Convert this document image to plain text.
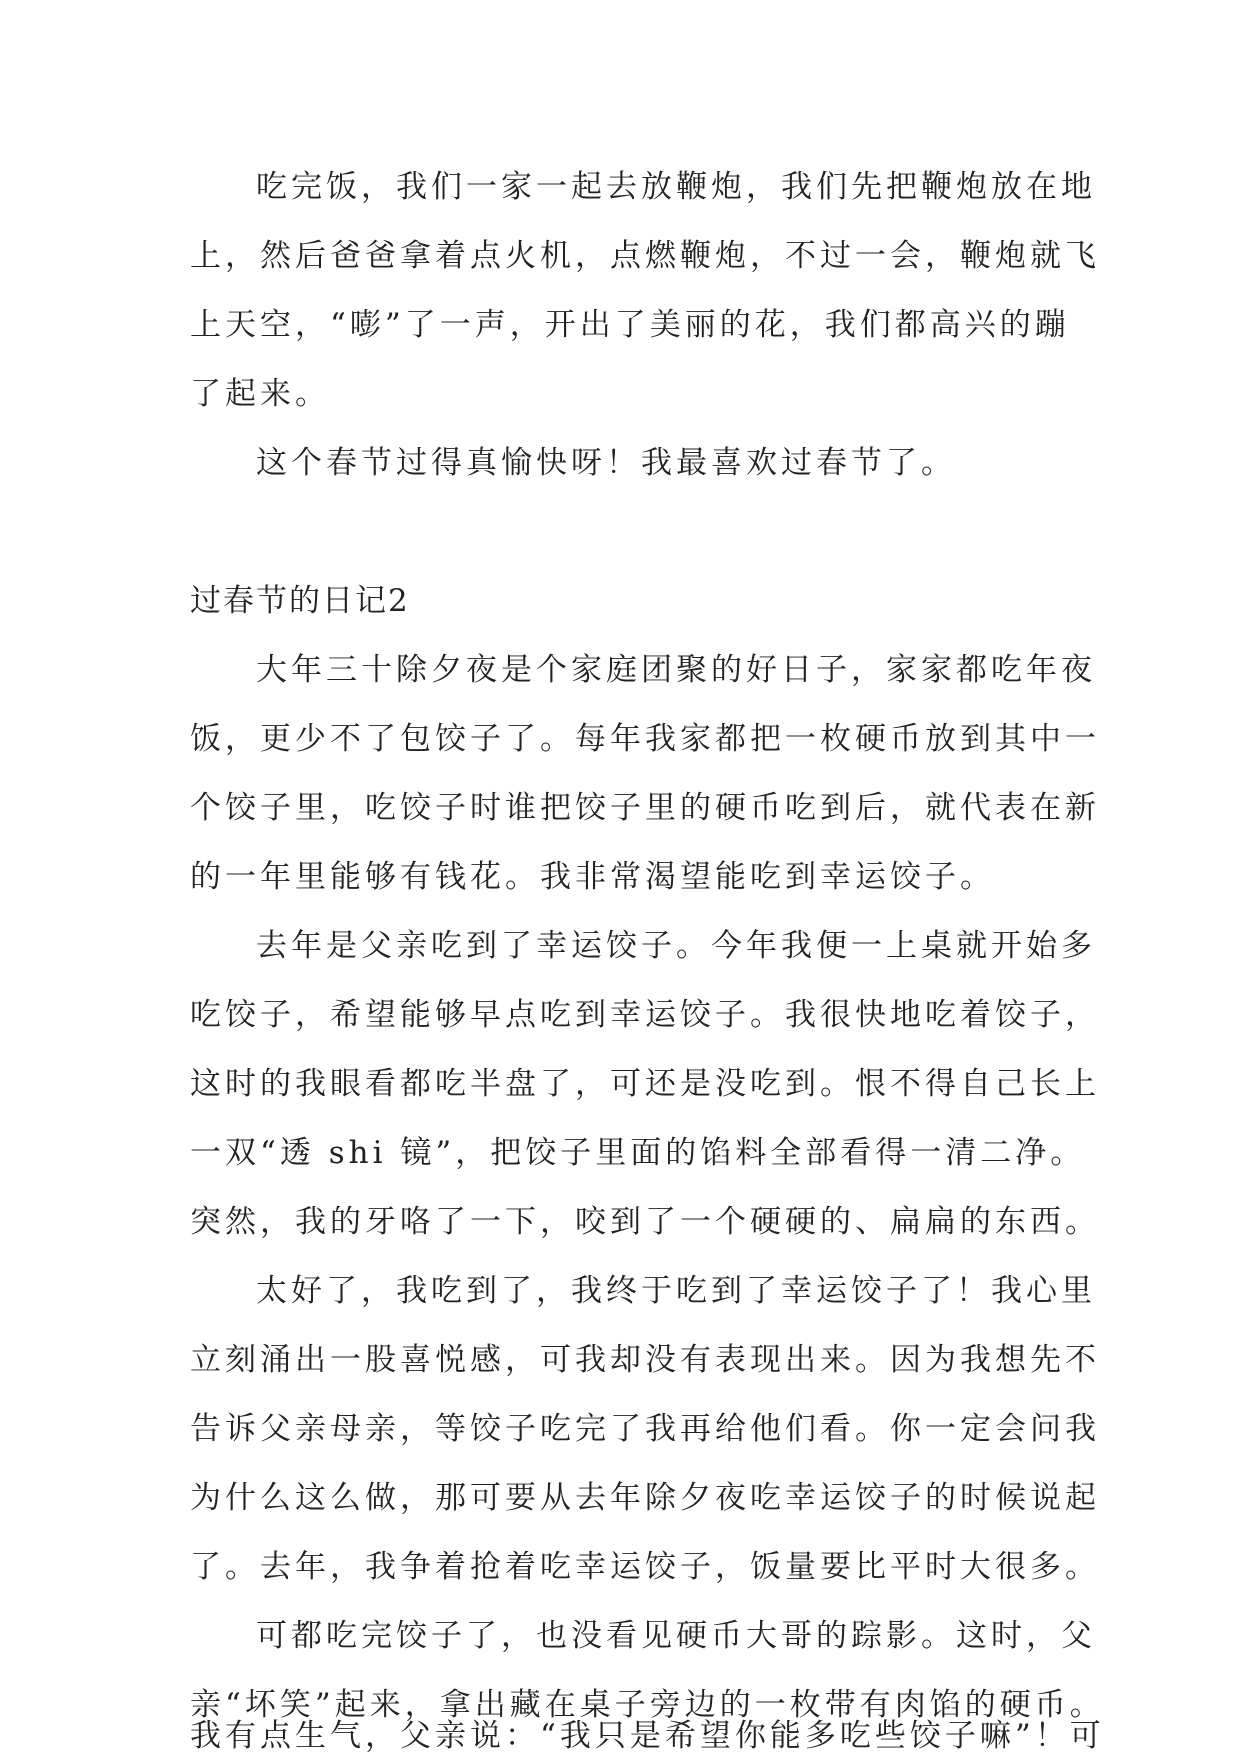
吃完饭，我们一家一起去放鞭炮，我们先把鞭炮放在地
上，然后爸爸拿着点火机，点燃鞭炮，不过一会，鞭炮就飞
上天空，“嘭”了一声，开出了美丽的花，我们都高兴的蹦
了起来。
这个春节过得真愉快呀！我最喜欢过春节了。
过春节的日记2
大年三十除夕夜是个家庭团聚的好日子，家家都吃年夜
饭，更少不了包饺子了。每年我家都把一枚硬币放到其中一
个饺子里，吃饺子时谁把饺子里的硬币吃到后，就代表在新
的一年里能够有钱花。我非常渴望能吃到幸运饺子。
去年是父亲吃到了幸运饺子。今年我便一上桌就开始多
吃饺子，希望能够早点吃到幸运饺子。我很快地吃着饺子，
这时的我眼看都吃半盘了，可还是没吃到。恨不得自己长上
一双“透 shi 镜”，把饺子里面的馅料全部看得一清二净。
突然，我的牙咯了一下，咬到了一个硬硬的、扁扁的东西。
太好了，我吃到了，我终于吃到了幸运饺子了！我心里
立刻涌出一股喜悦感，可我却没有表现出来。因为我想先不
告诉父亲母亲，等饺子吃完了我再给他们看。你一定会问我
为什么这么做，那可要从去年除夕夜吃幸运饺子的时候说起
了。去年，我争着抢着吃幸运饺子，饭量要比平时大很多。
可都吃完饺子了，也没看见硬币大哥的踪影。这时，父
亲“坏笑”起来，拿出藏在桌子旁边的一枚带有肉馅的硬币。
我有点生气，父亲说：“我只是希望你能多吃些饺子嘛”！可
